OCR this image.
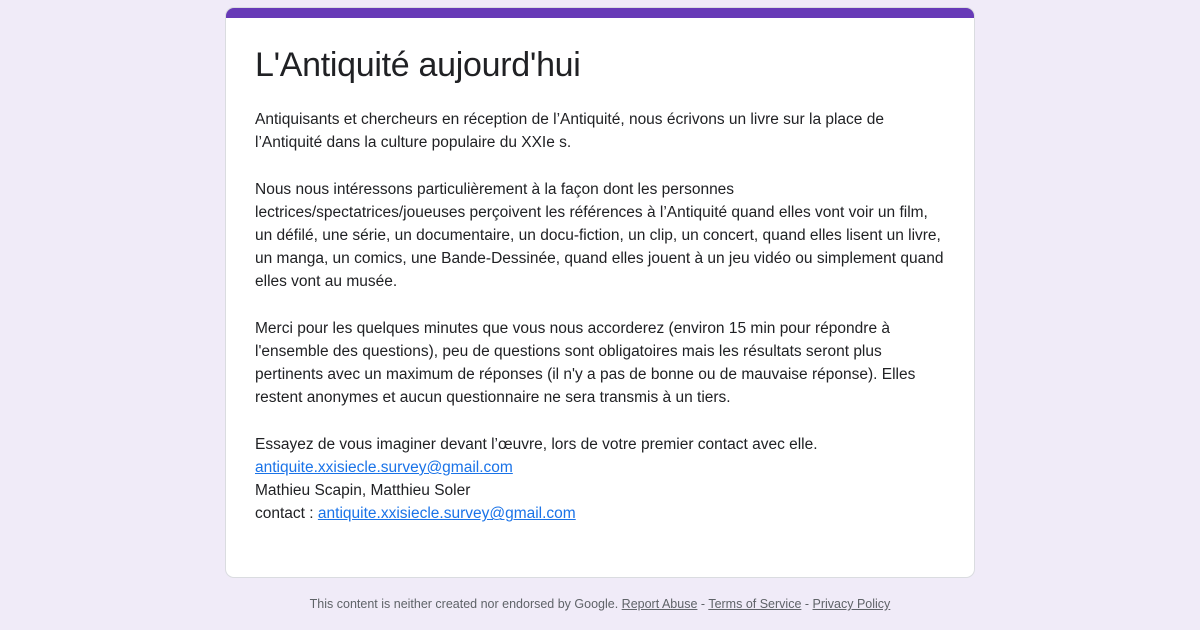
L'Antiquité aujourd'hui

Antiquisants et chercheurs en réception de l’Antiquité, nous écrivons un livre sur la place de l’Antiquité dans la culture populaire du XXIe s.

Nous nous intéressons particulièrement à la façon dont les personnes lectrices/spectatrices/joueuses perçoivent les références à l’Antiquité quand elles vont voir un film, un défilé, une série, un documentaire, un docu-fiction, un clip, un concert, quand elles lisent un livre, un manga, un comics, une Bande-Dessinée, quand elles jouent à un jeu vidéo ou simplement quand elles vont au musée.

Merci pour les quelques minutes que vous nous accorderez (environ 15 min pour répondre à l'ensemble des questions), peu de questions sont obligatoires mais les résultats seront plus pertinents avec un maximum de réponses (il n'y a pas de bonne ou de mauvaise réponse). Elles restent anonymes et aucun questionnaire ne sera transmis à un tiers.

Essayez de vous imaginer devant l’œuvre, lors de votre premier contact avec elle.
antiquite.xxisiecle.survey@gmail.com
Mathieu Scapin, Matthieu Soler
contact : antiquite.xxisiecle.survey@gmail.com

This content is neither created nor endorsed by Google. Report Abuse - Terms of Service - Privacy Policy
